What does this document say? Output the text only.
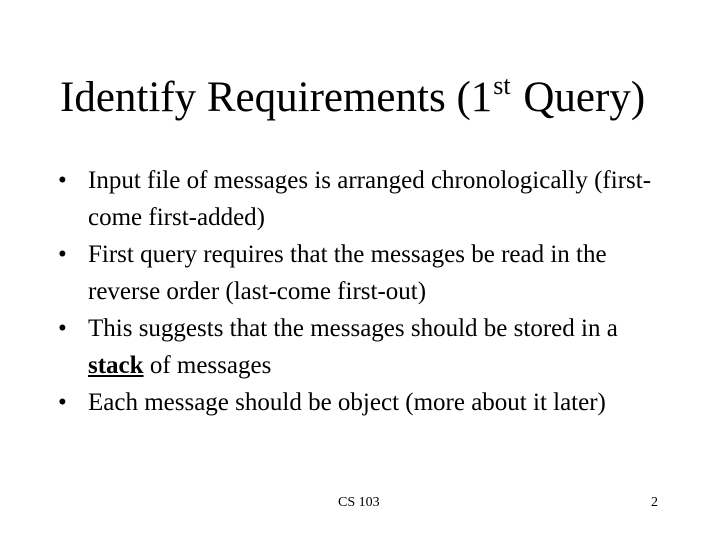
Identify Requirements (1st Query)
• Input file of messages is arranged chronologically (first-come first-added)
• First query requires that the messages be read in the reverse order (last-come first-out)
• This suggests that the messages should be stored in a stack of messages
• Each message should be object (more about it later)
CS 103	2
